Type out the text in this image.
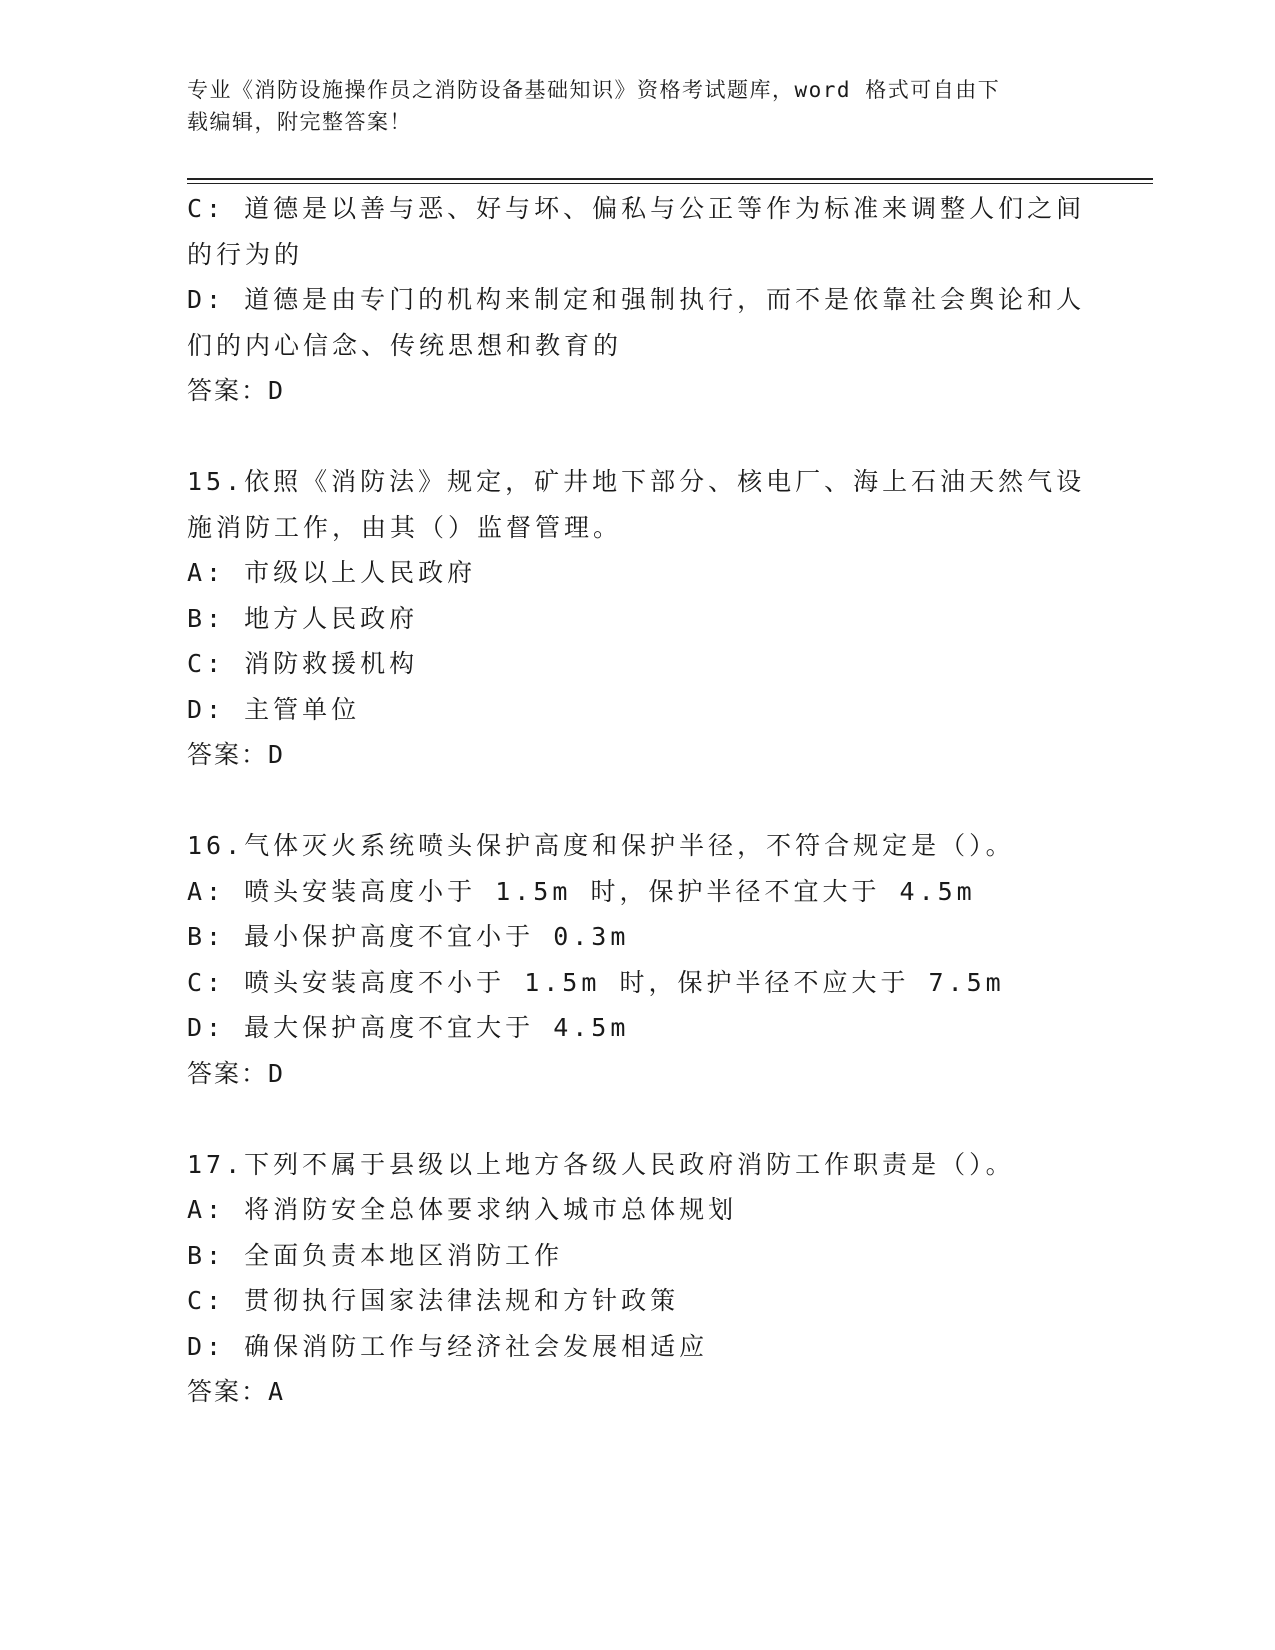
专业《消防设施操作员之消防设备基础知识》资格考试题库，word 格式可自由下
载编辑，附完整答案！
C: 道德是以善与恶、好与坏、偏私与公正等作为标准来调整人们之间
的行为的
D: 道德是由专门的机构来制定和强制执行，而不是依靠社会舆论和人
们的内心信念、传统思想和教育的
答案：D
15.依照《消防法》规定，矿井地下部分、核电厂、海上石油天然气设
施消防工作，由其（）监督管理。
A: 市级以上人民政府
B: 地方人民政府
C: 消防救援机构
D: 主管单位
答案：D
16.气体灭火系统喷头保护高度和保护半径，不符合规定是（）。
A: 喷头安装高度小于 1.5m 时，保护半径不宜大于 4.5m
B: 最小保护高度不宜小于 0.3m
C: 喷头安装高度不小于 1.5m 时，保护半径不应大于 7.5m
D: 最大保护高度不宜大于 4.5m
答案：D
17.下列不属于县级以上地方各级人民政府消防工作职责是（）。
A: 将消防安全总体要求纳入城市总体规划
B: 全面负责本地区消防工作
C: 贯彻执行国家法律法规和方针政策
D: 确保消防工作与经济社会发展相适应
答案：A
